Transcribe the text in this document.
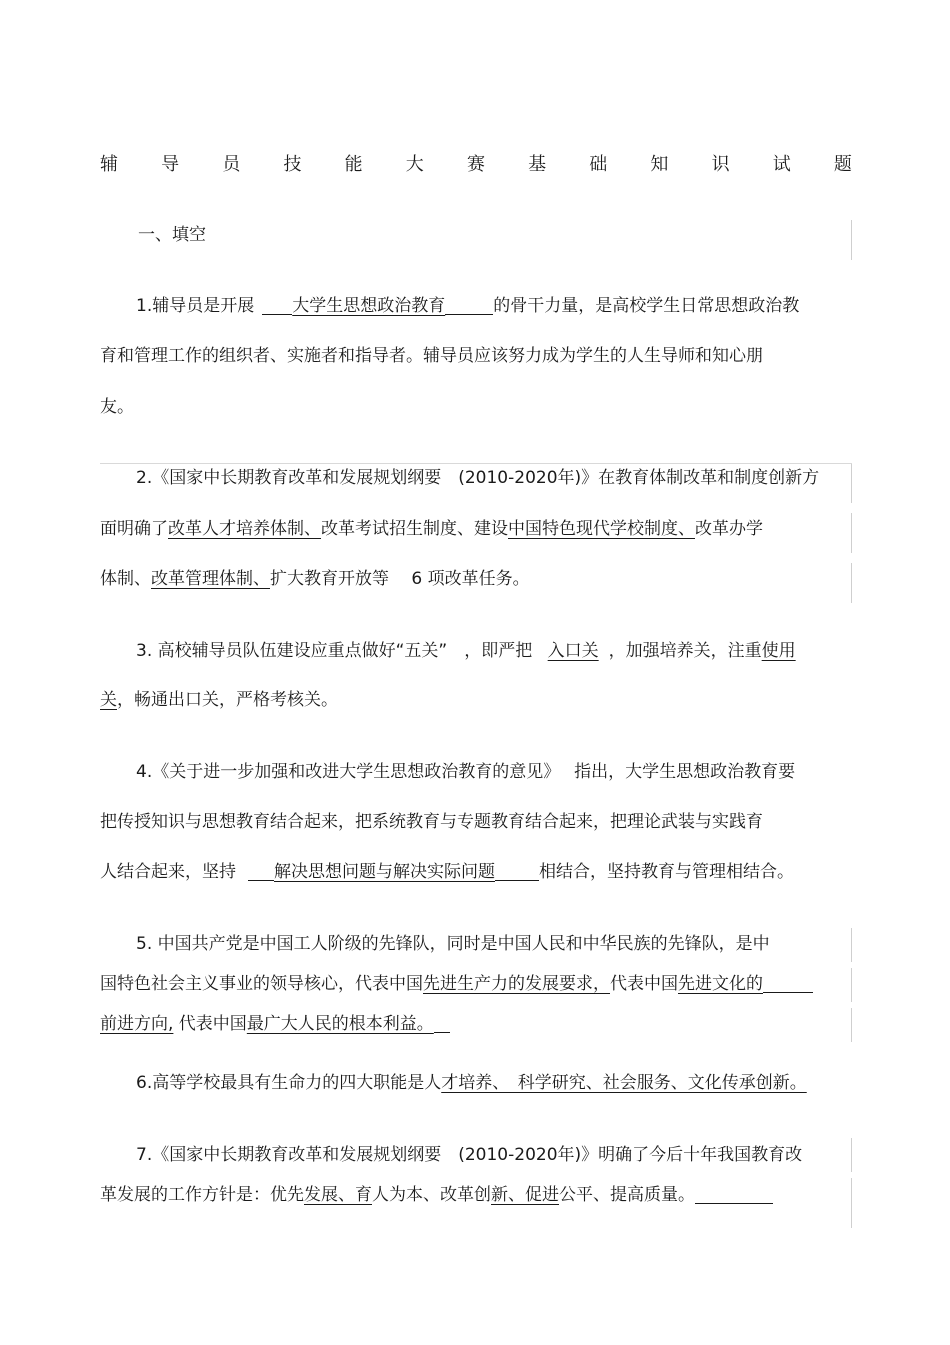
辅 导 员 技 能 大 赛 基 础 知 识 试 题
一、填空
1.辅导员是开展 大学生思想政治教育	的骨干力量，是高校学生日常思想政治教
育和管理工作的组织者、实施者和指导者。辅导员应该努力成为学生的人生导师和知心朋
友。
2.《国家中长期教育改革和发展规划纲要　(2010-2020年)》在教育体制改革和制度创新方
面明确了改革人才培养体制、改革考试招生制度、建设中国特色现代学校制度、改革办学
体制、改革管理体制、扩大教育开放等　 6 项改革任务。
3. 高校辅导员队伍建设应重点做好“五关”　，即严把 入口关 ，加强培养关，注重使用
关，畅通出口关，严格考核关。
4.《关于进一步加强和改进大学生思想政治教育的意见》　 指出，大学生思想政治教育要
把传授知识与思想教育结合起来，把系统教育与专题教育结合起来，把理论武装与实践育
人结合起来，坚持 解决思想问题与解决实际问题	相结合，坚持教育与管理相结合。
5. 中国共产党是中国工人阶级的先锋队，同时是中国人民和中华民族的先锋队，是中
国特色社会主义事业的领导核心，代表中国先进生产力的发展要求，代表中国先进文化的
前进方向, 代表中国最广大人民的根本利益。
6.高等学校最具有生命力的四大职能是人才培养、　科学研究、社会服务、文化传承创新。
7.《国家中长期教育改革和发展规划纲要　(2010-2020年)》明确了今后十年我国教育改
革发展的工作方针是：优先发展、育人为本、改革创新、促进公平、提高质量。
